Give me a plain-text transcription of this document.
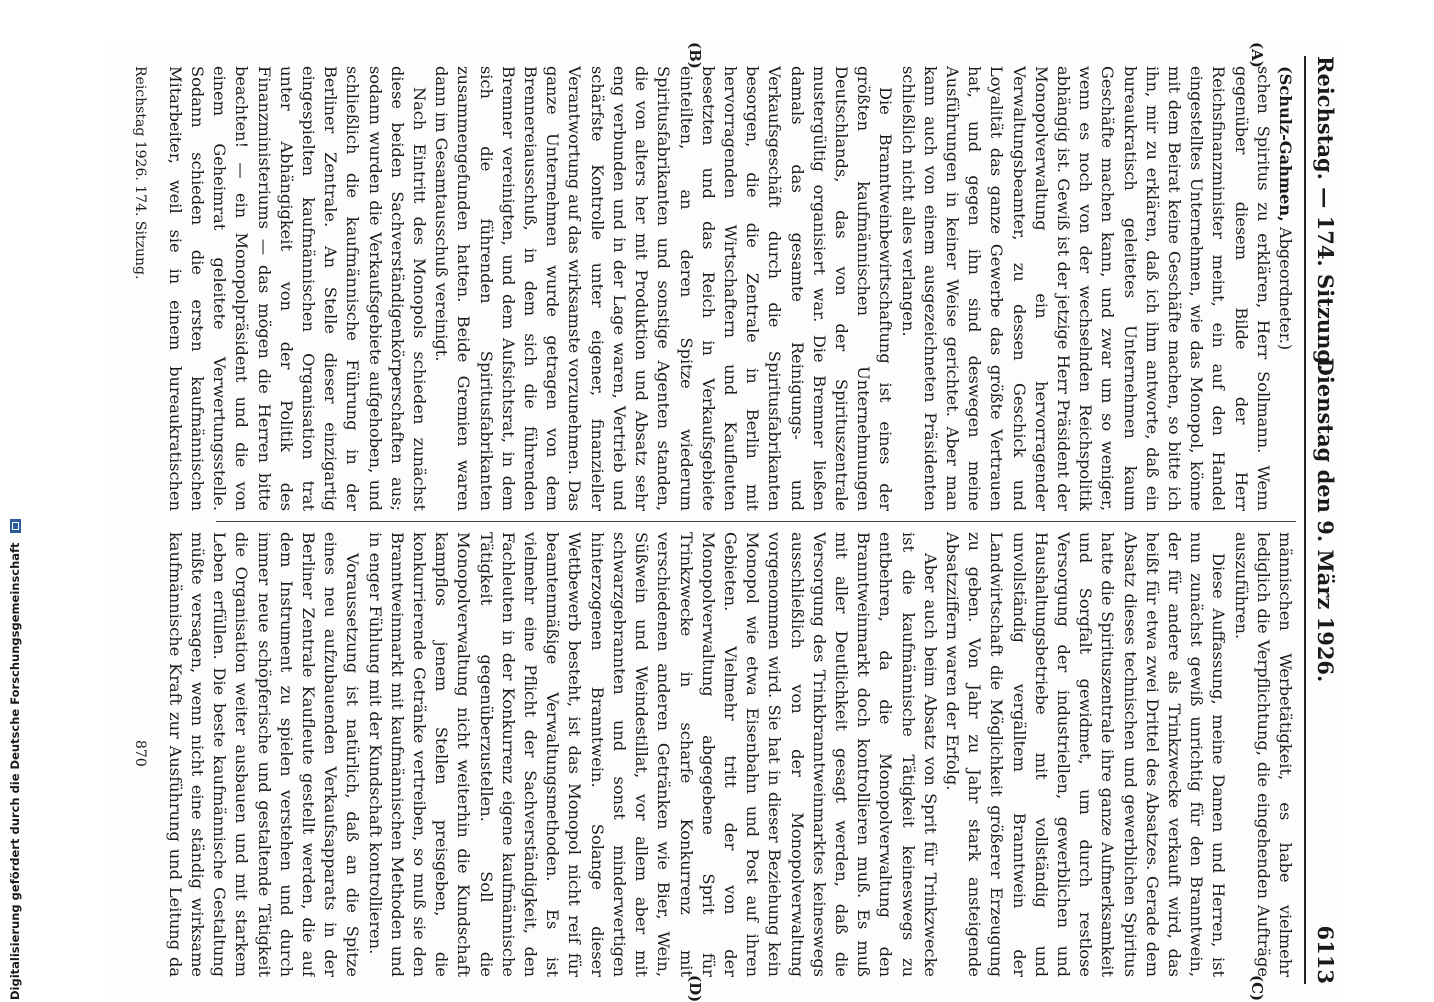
Reichstag. — 174. Sitzung.
Dienstag den 9. März 1926.
6113
(A)
(B)
(C)
(D)

(Schulz-Gahmen, Abgeordneter.)

schen Spiritus zu erklären, Herr Sollmann. Wenn gegenüber diesem Bilde der Herr Reichsfinanzminister meint, ein auf den Handel eingestelltes Unternehmen, wie das Monopol, könne mit dem Beirat keine Geschäfte machen, so bitte ich ihn, mir zu erklären, daß ich ihm antworte, daß ein bureaukratisch geleitetes Unternehmen kaum Geschäfte machen kann, und zwar um so weniger, wenn es noch von der wechselnden Reichspolitik abhängig ist. Gewiß ist der jetzige Herr Präsident der Monopolverwaltung ein hervorragender Verwaltungsbeamter, zu dessen Geschick und Loyalität das ganze Gewerbe das größte Vertrauen hat, und gegen ihn sind deswegen meine Ausführungen in keiner Weise gerichtet. Aber man kann auch von einem ausgezeichneten Präsidenten schließlich nicht alles verlangen.

Die Branntweinbewirtschaftung ist eines der größten kaufmännischen Unternehmungen Deutschlands, das von der Spirituszentrale mustergültig organisiert war. Die Bremner ließen damals das gesamte Reinigungs- und Verkaufsgeschäft durch die Spiritusfabrikanten besorgen, die die Zentrale in Berlin mit hervorragenden Wirtschaftern und Kaufleuten besetzten und das Reich in Verkaufsgebiete einteilten, an deren Spitze wiederum Spiritusfabrikanten und sonstige Agenten standen, die von alters her mit Produktion und Absatz sehr eng verbunden und in der Lage waren, Vertrieb und schärfste Kontrolle unter eigener, finanzieller Verantwortung auf das wirksamste vorzunehmen. Das ganze Unternehmen wurde getragen von dem Brennereiausschuß, in dem sich die führenden Bremner vereinigten, und dem Aufsichtsrat, in dem sich die führenden Spiritusfabrikanten zusammengefunden hatten. Beide Gremien waren dann im Gesamtausschuß vereinigt.

Nach Eintritt des Monopols schieden zunächst diese beiden Sachverständigenkörperschaften aus; sodann wurden die Verkaufsgebiete aufgehoben, und schließlich die kaufmännische Führung in der Berliner Zentrale. An Stelle dieser einzigartig eingespielten kaufmännischen Organisation trat unter Abhängigkeit von der Politik des Finanzministeriums — das mögen die Herren bitte beachten! — ein Monopolpräsident und die von einem Geheimrat geleitete Verwertungsstelle. Sodann schieden die ersten kaufmännischen Mitarbeiter, weil sie in einem bureaukratischen

männischen Werbetätigkeit, es habe vielmehr lediglich die Verpflichtung, die eingehenden Aufträge auszuführen.

Diese Auffassung, meine Damen und Herren, ist nun zunächst gewiß unrichtig für den Branntwein, der für andere als Trinkzwecke verkauft wird, das heißt für etwa zwei Drittel des Absatzes. Gerade dem Absatz dieses technischen und gewerblichen Spiritus hatte die Spirituszentrale ihre ganze Aufmerksamkeit und Sorgfalt gewidmet, um durch restlose Versorgung der industriellen, gewerblichen und Haushaltungsbetriebe mit vollständig und unvollständig vergälltem Branntwein der Landwirtschaft die Möglichkeit größerer Erzeugung zu geben. Von Jahr zu Jahr stark ansteigende Absatzziffern waren der Erfolg.

Aber auch beim Absatz von Sprit für Trinkzwecke ist die kaufmännische Tätigkeit keineswegs zu entbehren, da die Monopolverwaltung den Branntweinmarkt doch kontrollieren muß. Es muß mit aller Deutlichkeit gesagt werden, daß die Versorgung des Trinkbranntweinmarktes keineswegs ausschließlich von der Monopolverwaltung vorgenommen wird. Sie hat in dieser Beziehung kein Monopol wie etwa Eisenbahn und Post auf ihren Gebieten. Vielmehr tritt der von der Monopolverwaltung abgegebene Sprit für Trinkzwecke in scharfe Konkurrenz mit verschiedenen anderen Getränken wie Bier, Wein, Süßwein und Weindestillat, vor allem aber mit schwarzgebrannten und sonst minderwertigen hinterzogenen Branntwein. Solange dieser Wettbewerb besteht, ist das Monopol nicht reif für beamtenmäßige Verwaltungsmethoden. Es ist vielmehr eine Pflicht der Sachverständigkeit, den Fachleuten in der Konkurrenz eigene kaufmännische Tätigkeit gegenüberzustellen. Soll die Monopolverwaltung nicht weiterhin die Kundschaft kampflos jenem Stellen preisgeben, die konkurrierende Getränke vertreiben, so muß sie den Branntweinmarkt mit kaufmännischen Methoden und in enger Fühlung mit der Kundschaft kontrollieren.

Voraussetzung ist natürlich, daß an die Spitze eines neu aufzubauenden Verkaufsapparats in der Berliner Zentrale Kaufleute gestellt werden, die auf dem Instrument zu spielen verstehen und durch immer neue schöpferische und gestaltende Tätigkeit die Organisation weiter ausbauen und mit starkem Leben erfüllen. Die beste kaufmännische Gestaltung müßte versagen, wenn nicht eine ständig wirksame kaufmännische Kraft zur Ausführung und Leitung da

Reichstag 1926. 174. Sitzung.
870
Digitalisierung gefördert durch die Deutsche Forschungsgemeinschaft
